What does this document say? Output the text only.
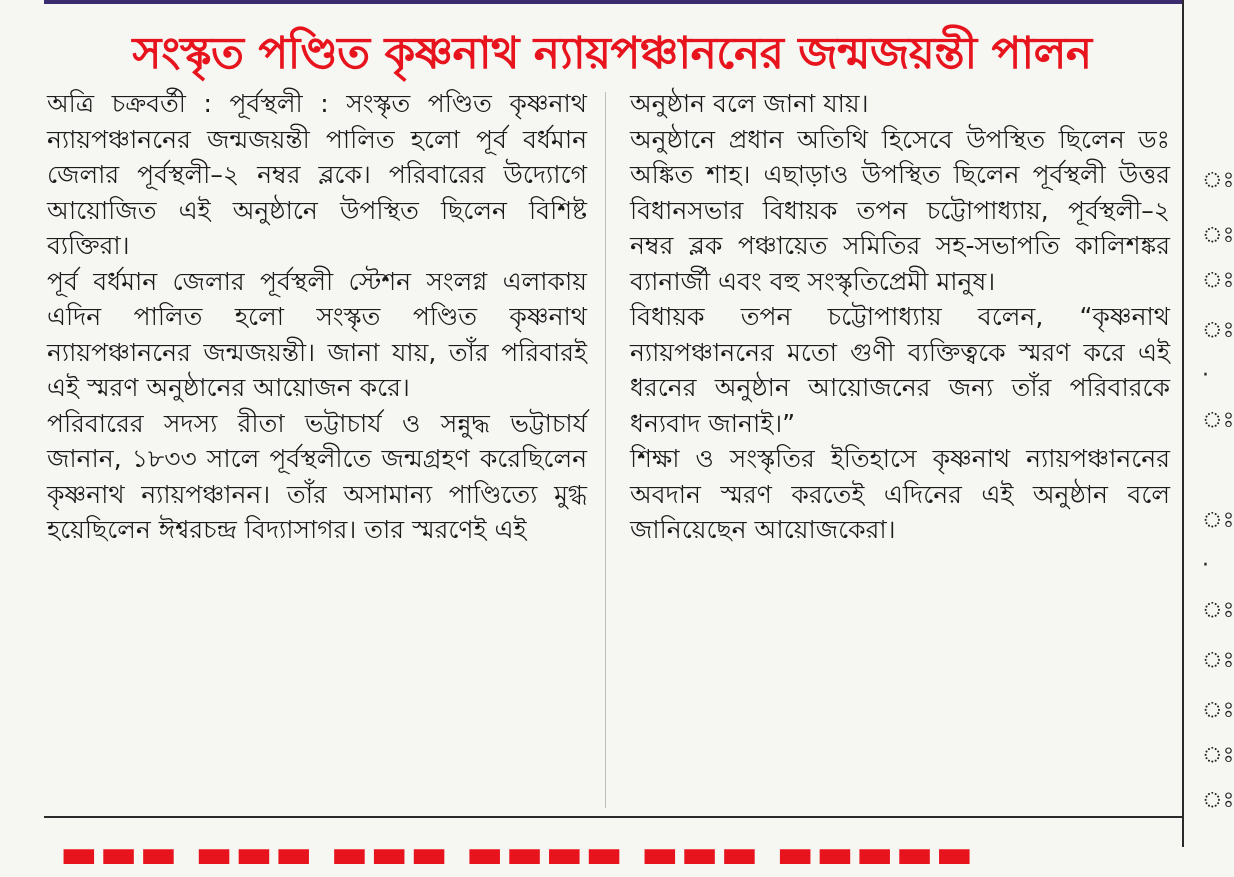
সংস্কৃত পণ্ডিত কৃষ্ণনাথ ন্যায়পঞ্চাননের জন্মজয়ন্তী পালন

অত্রি চক্রবর্তী : পূর্বস্থলী : সংস্কৃত পণ্ডিত কৃষ্ণনাথ ন্যায়পঞ্চাননের জন্মজয়ন্তী পালিত হলো পূর্ব বর্ধমান জেলার পূর্বস্থলী–২ নম্বর ব্লকে। পরিবারের উদ্যোগে আয়োজিত এই অনুষ্ঠানে উপস্থিত ছিলেন বিশিষ্ট ব্যক্তিরা।

পূর্ব বর্ধমান জেলার পূর্বস্থলী স্টেশন সংলগ্ন এলাকায় এদিন পালিত হলো সংস্কৃত পণ্ডিত কৃষ্ণনাথ ন্যায়পঞ্চাননের জন্মজয়ন্তী। জানা যায়, তাঁর পরিবারই এই স্মরণ অনুষ্ঠানের আয়োজন করে।

পরিবারের সদস্য রীতা ভট্টাচার্য ও সন্নুদ্ধ ভট্টাচার্য জানান, ১৮৩৩ সালে পূর্বস্থলীতে জন্মগ্রহণ করেছিলেন কৃষ্ণনাথ ন্যায়পঞ্চানন। তাঁর অসামান্য পাণ্ডিত্যে মুগ্ধ হয়েছিলেন ঈশ্বরচন্দ্র বিদ্যাসাগর। তার স্মরণেই এই

অনুষ্ঠান বলে জানা যায়।

অনুষ্ঠানে প্রধান অতিথি হিসেবে উপস্থিত ছিলেন ডঃ অঙ্কিত শাহ। এছাড়াও উপস্থিত ছিলেন পূর্বস্থলী উত্তর বিধানসভার বিধায়ক তপন চট্টোপাধ্যায়, পূর্বস্থলী–২ নম্বর ব্লক পঞ্চায়েত সমিতির সহ-সভাপতি কালিশঙ্কর ব্যানার্জী এবং বহু সংস্কৃতিপ্রেমী মানুষ।

বিধায়ক তপন চট্টোপাধ্যায় বলেন, “কৃষ্ণনাথ ন্যায়পঞ্চাননের মতো গুণী ব্যক্তিত্বকে স্মরণ করে এই ধরনের অনুষ্ঠান আয়োজনের জন্য তাঁর পরিবারকে ধন্যবাদ জানাই।”

শিক্ষা ও সংস্কৃতির ইতিহাসে কৃষ্ণনাথ ন্যায়পঞ্চাননের অবদান স্মরণ করতেই এদিনের এই অনুষ্ঠান বলে জানিয়েছেন আয়োজকেরা।

▬▬▬ ▬▬▬ ▬▬▬ ▬▬▬▬ ▬▬▬ ▬▬▬▬▬
ঃ
ঃ
ঃ
ঃ
·
ঃ
ঃ
·
ঃ
ঃ
ঃ
ঃ
ঃ
